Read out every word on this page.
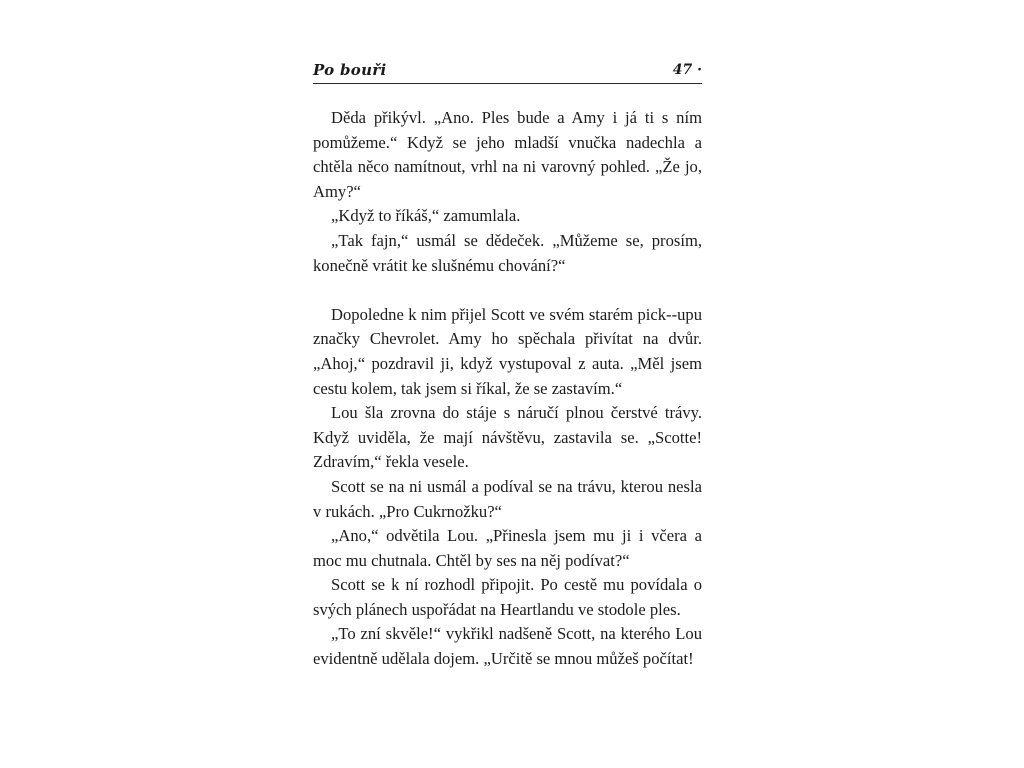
Po bouři	47 ·

Děda přikývl. „Ano. Ples bude a Amy i já ti s ním pomůžeme.“ Když se jeho mladší vnučka nadechla a chtěla něco namítnout, vrhl na ni varovný pohled. „Že jo, Amy?“

„Když to říkáš,“ zamumlala.

„Tak fajn,“ usmál se dědeček. „Můžeme se, prosím, konečně vrátit ke slušnému chování?“

Dopoledne k nim přijel Scott ve svém starém pick--upu značky Chevrolet. Amy ho spěchala přivítat na dvůr. „Ahoj,“ pozdravil ji, když vystupoval z auta. „Měl jsem cestu kolem, tak jsem si říkal, že se zastavím.“

Lou šla zrovna do stáje s náručí plnou čerstvé trávy. Když uviděla, že mají návštěvu, zastavila se. „Scotte! Zdravím,“ řekla vesele.

Scott se na ni usmál a podíval se na trávu, kterou nesla v rukách. „Pro Cukrnožku?“

„Ano,“ odvětila Lou. „Přinesla jsem mu ji i včera a moc mu chutnala. Chtěl by ses na něj podívat?“

Scott se k ní rozhodl připojit. Po cestě mu povídala o svých plánech uspořádat na Heartlandu ve stodole ples.

„To zní skvěle!“ vykřikl nadšeně Scott, na kterého Lou evidentně udělala dojem. „Určitě se mnou můžeš počítat!
